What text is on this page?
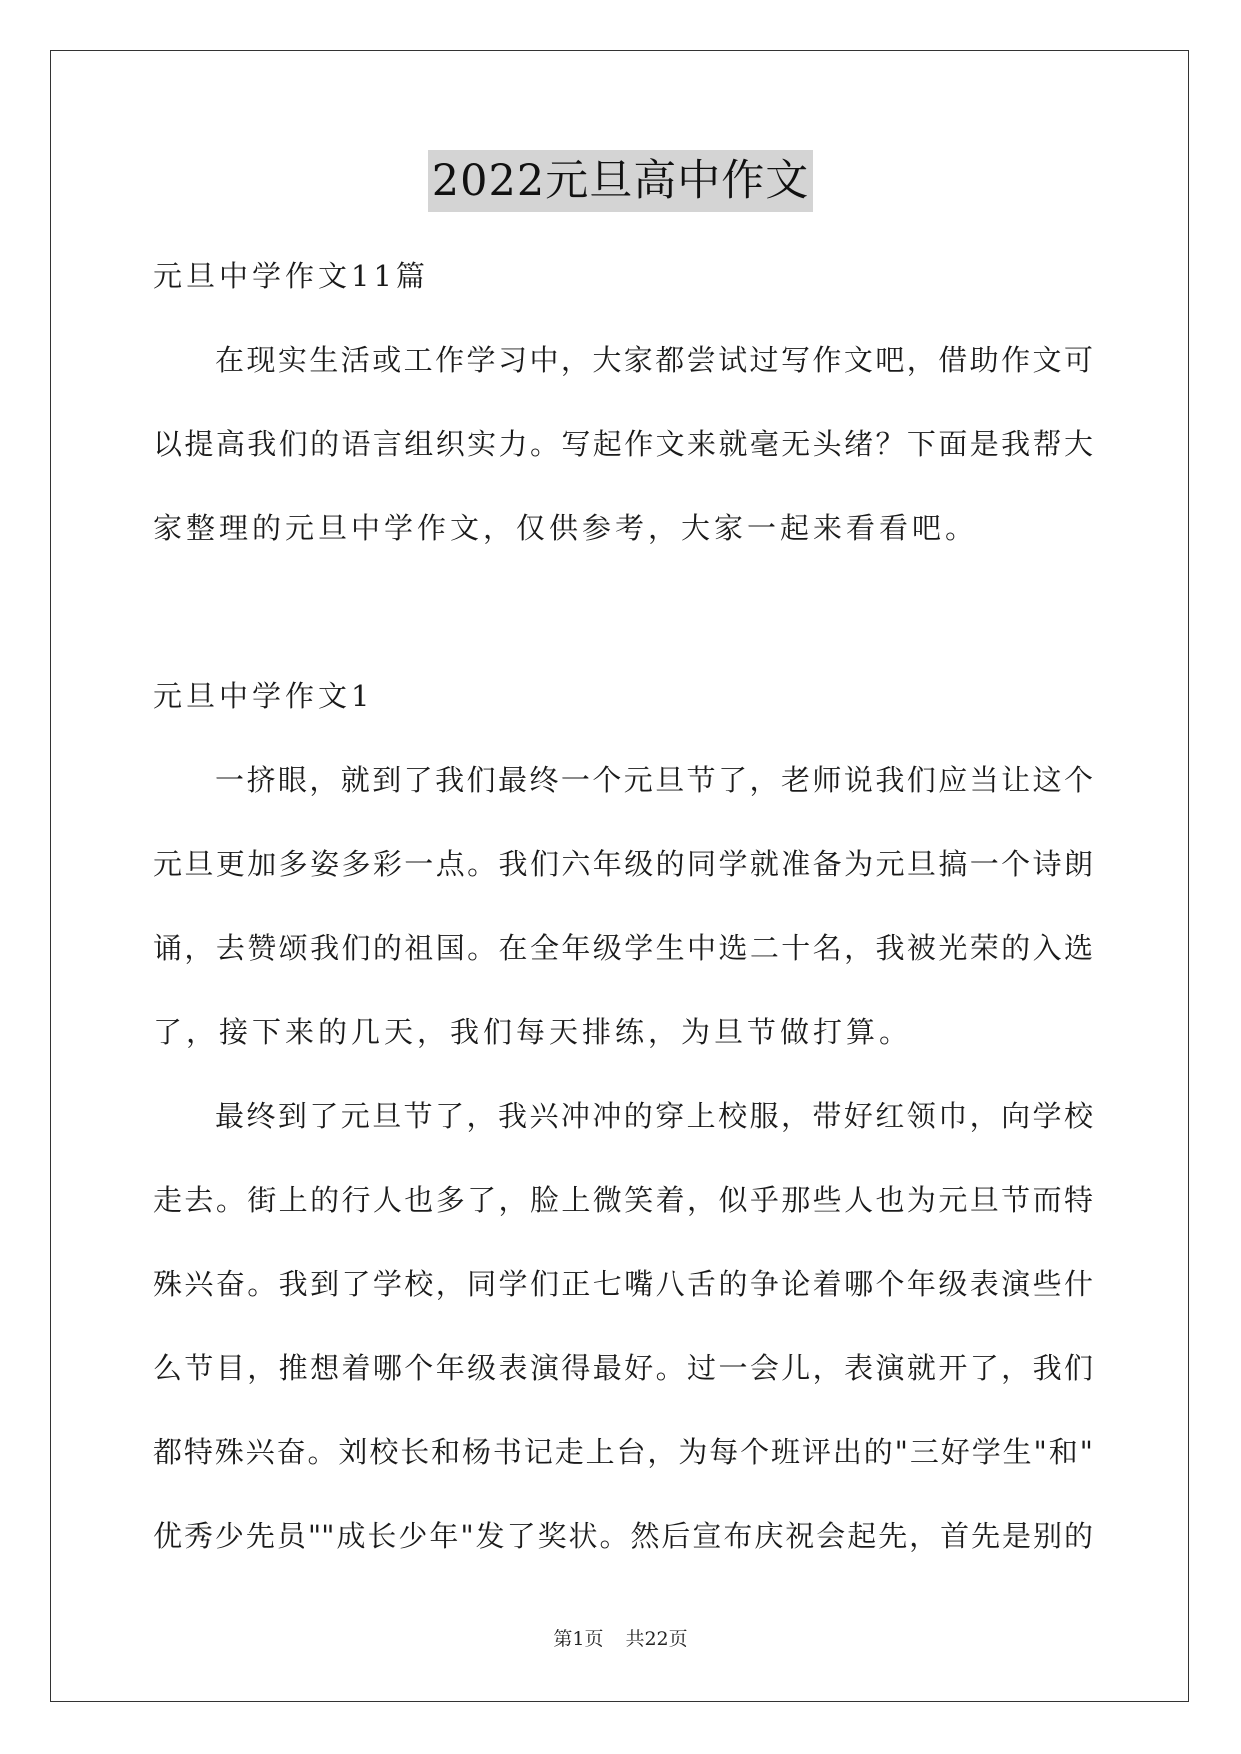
2022元旦高中作文
元旦中学作文11篇
在现实生活或工作学习中，大家都尝试过写作文吧，借助作文可
以提高我们的语言组织实力。写起作文来就毫无头绪？下面是我帮大
家整理的元旦中学作文，仅供参考，大家一起来看看吧。
元旦中学作文1
一挤眼，就到了我们最终一个元旦节了，老师说我们应当让这个
元旦更加多姿多彩一点。我们六年级的同学就准备为元旦搞一个诗朗
诵，去赞颂我们的祖国。在全年级学生中选二十名，我被光荣的入选
了，接下来的几天，我们每天排练，为旦节做打算。
最终到了元旦节了，我兴冲冲的穿上校服，带好红领巾，向学校
走去。街上的行人也多了，脸上微笑着，似乎那些人也为元旦节而特
殊兴奋。我到了学校，同学们正七嘴八舌的争论着哪个年级表演些什
么节目，推想着哪个年级表演得最好。过一会儿，表演就开了，我们
都特殊兴奋。刘校长和杨书记走上台，为每个班评出的"三好学生"和"
优秀少先员""成长少年"发了奖状。然后宣布庆祝会起先，首先是别的
第1页 共22页
